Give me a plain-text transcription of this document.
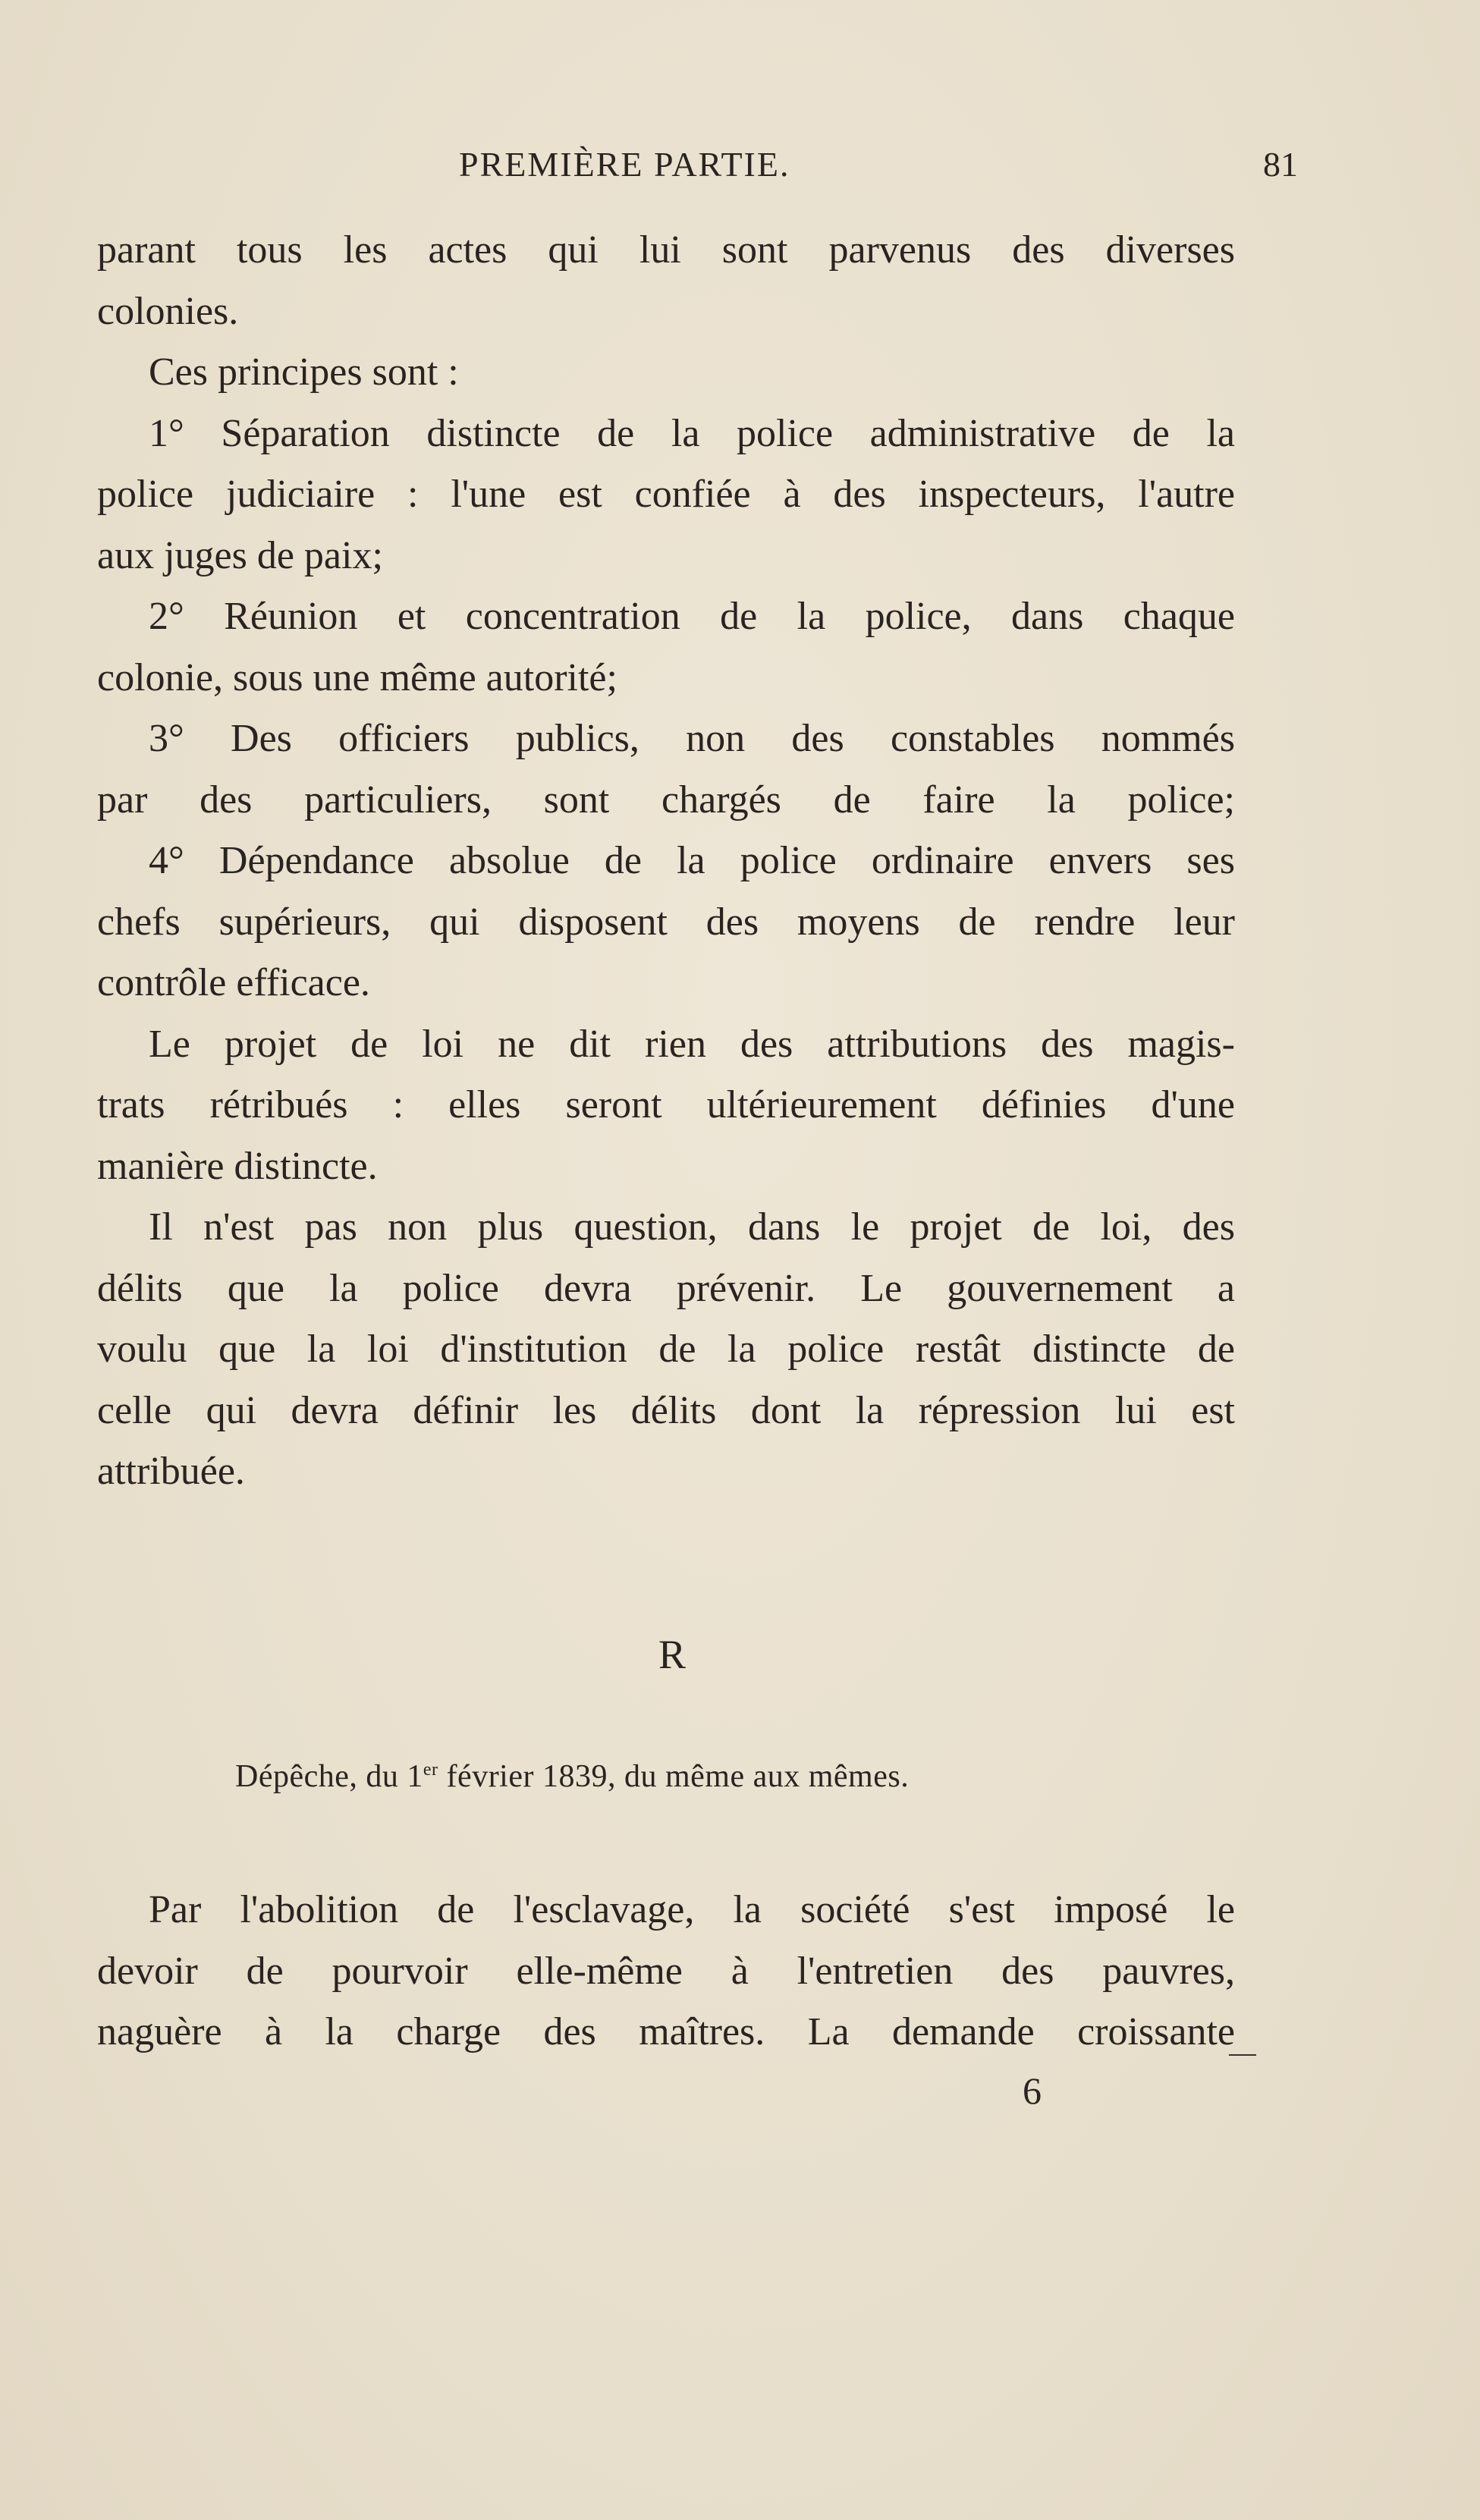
PREMIÈRE PARTIE.	81
parant tous les actes qui lui sont parvenus des diverses
colonies.
Ces principes sont :
1° Séparation distincte de la police administrative de la
police judiciaire : l'une est confiée à des inspecteurs, l'autre
aux juges de paix;
2° Réunion et concentration de la police, dans chaque
colonie, sous une même autorité;
3° Des officiers publics, non des constables nommés
par des particuliers, sont chargés de faire la police;
4° Dépendance absolue de la police ordinaire envers ses
chefs supérieurs, qui disposent des moyens de rendre leur
contrôle efficace.
Le projet de loi ne dit rien des attributions des magis-
trats rétribués : elles seront ultérieurement définies d'une
manière distincte.
Il n'est pas non plus question, dans le projet de loi, des
délits que la police devra prévenir. Le gouvernement a
voulu que la loi d'institution de la police restât distincte de
celle qui devra définir les délits dont la répression lui est
attribuée.
R
Dépêche, du 1er février 1839, du même aux mêmes.
Par l'abolition de l'esclavage, la société s'est imposé le
devoir de pourvoir elle-même à l'entretien des pauvres,
naguère à la charge des maîtres. La demande croissante
6
